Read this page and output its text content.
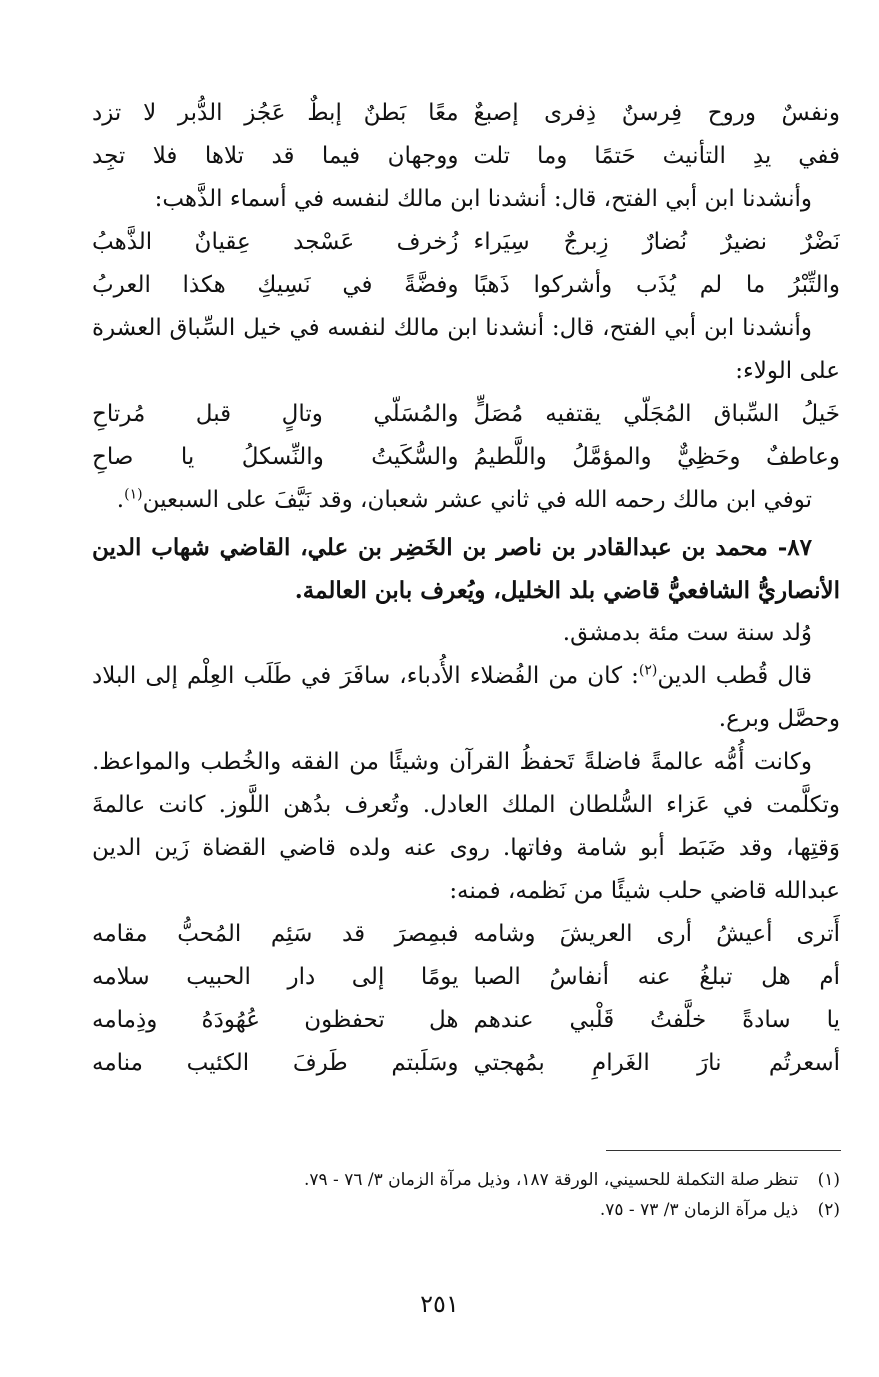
ونفسٌ وروح فِرسنٌ ذِفرى إصبعٌ
معًا بَطنٌ إبطٌ عَجُز الدُّبر لا تزد
ففي يدِ التأنيث حَتمًا وما تلت
ووجهان فيما قد تلاها فلا تجِد

وأنشدنا ابن أبي الفتح، قال: أنشدنا ابن مالك لنفسه في أسماء الذَّهب:

نَضْرٌ نضيرٌ نُضارٌ زِبرجٌ سِيَراء
زُخرف عَسْجد عِقيانٌ الذَّهبُ
والتِّبْرُ ما لم يُذَب وأشركوا ذَهبًا
وفضَّةً في نَسِيكِ هكذا العربُ

وأنشدنا ابن أبي الفتح، قال: أنشدنا ابن مالك لنفسه في خيل السِّباق العشرة على الولاء:

خَيلُ السِّباق المُجَلّي يقتفيه مُصَلٍّ
والمُسَلّي وتالٍ قبل مُرتاحِ
وعاطفٌ وحَظِيٌّ والمؤمَّلُ واللَّطيمُ
والسُّكَيتُ والنِّسكلُ يا صاحِ

توفي ابن مالك رحمه الله في ثاني عشر شعبان، وقد نَيَّفَ على السبعين$^{(١)}$.

٨٧- محمد بن عبدالقادر بن ناصر بن الخَضِر بن علي، القاضي شهاب الدين الأنصاريُّ الشافعيُّ قاضي بلد الخليل، ويُعرف بابن العالمة.

وُلد سنة ست مئة بدمشق.

قال قُطب الدين$^{(٢)}$: كان من الفُضلاء الأُدباء، سافَرَ في طَلَب العِلْم إلى البلاد وحصَّل وبرع.

وكانت أُمُّه عالمةً فاضلةً تَحفظُ القرآن وشيئًا من الفقه والخُطب والمواعظ. وتكلَّمت في عَزاء السُّلطان الملك العادل. وتُعرف بدُهن اللَّوز. كانت عالمةَ وَقتِها، وقد ضَبَط أبو شامة وفاتها. روى عنه ولده قاضي القضاة زَين الدين عبدالله قاضي حلب شيئًا من نَظمه، فمنه:

أَترى أعيشُ أرى العريشَ وشامه
فبمِصرَ قد سَئِم المُحبُّ مقامه
أم هل تبلغُ عنه أنفاسُ الصبا
يومًا إلى دار الحبيب سلامه
يا سادةً خلَّفتُ قَلْبي عندهم
هل تحفظون عُهُودَهُ وذِمامه
أسعرتُم نارَ الغَرامِ بمُهجتي
وسَلَبتم طَرفَ الكئيب منامه
(١) تنظر صلة التكملة للحسيني، الورقة ١٨٧، وذيل مرآة الزمان ٣/ ٧٦ - ٧٩.
(٢) ذيل مرآة الزمان ٣/ ٧٣ - ٧٥.
٢٥١
